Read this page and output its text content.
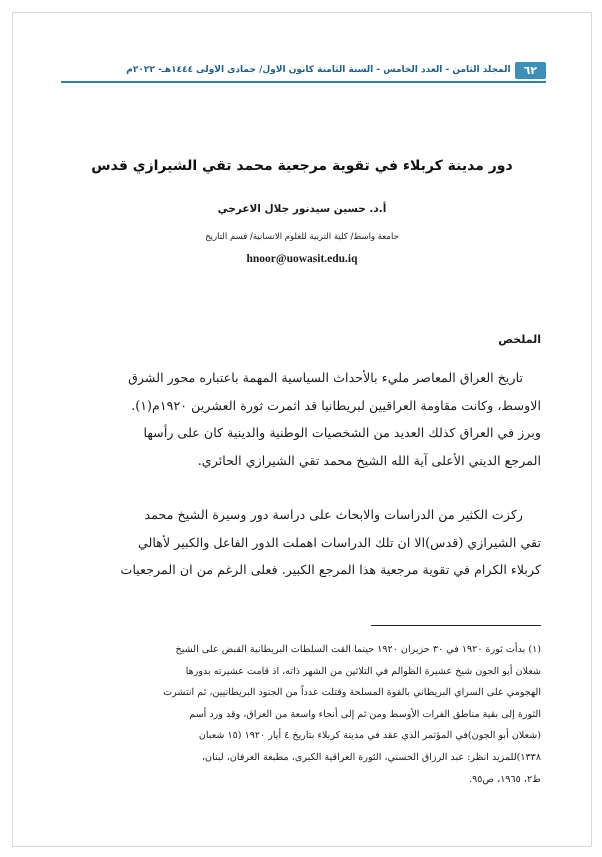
٦٢
المجلد الثامن - العدد الخامس - السنة الثامنة كانون الاول/ جمادى الأولى ١٤٤٤هـ- ٢٠٢٢م
دور مدينة كربلاء في تقوية مرجعية محمد تقي الشيرازي قدس
أ.د. حسين سيدنور جلال الاعرجي
جامعة واسط/ كلية التربية للعلوم الانسانية/ قسم التاريخ
hnoor@uowasit.edu.iq
الملخص
تاريخ العراق المعاصر مليء بالأحداث السياسية المهمة باعتباره محور الشرق
الاوسط، وكانت مقاومة العراقيين لبريطانيا قد اثمرت ثورة العشرين ١٩٢٠م(١).
وبرز في العراق كذلك العديد من الشخصيات الوطنية والدينية كان على رأسها
المرجع الديني الأعلى آية الله الشيخ محمد تقي الشيرازي الحائري.
ركزت الكثير من الدراسات والابحاث على دراسة دور وسيرة الشيخ محمد
تقي الشيرازي (قدس)الا ان تلك الدراسات اهملت الدور الفاعل والكبير لأهالي
كربلاء الكرام في تقوية مرجعية هذا المرجع الكبير. فعلى الرغم من ان المرجعيات
(١) بدأت ثورة ١٩٢٠ في ٣٠ حزيران ١٩٢٠ حينما القت السلطات البريطانية القبض على الشيخ
شعلان أبو الجون شيخ عشيرة الظوالم في التلاثين من الشهر ذاته، اذ قامت عشيرته بدورها
الهجومي على السراي البريطاني بالقوة المسلحة وقتلت عدداً من الجنود البريطانيين، ثم انتشرت
الثورة إلى بقية مناطق الفرات الأوسط ومن ثم إلى أنحاء واسعة من العراق، وقد ورد أسم
(شعلان أبو الجون)في المؤتمر الذي عقد في مدينة كربلاء بتاريخ ٤ أيار ١٩٢٠ (١٥ شعبان
١٣٣٨)للمزيد انظر: عبد الرزاق الحسني، الثورة العراقية الكبرى، مطبعة العرفان، لبنان،
ط٢، ١٩٦٥، ص٩٥.
